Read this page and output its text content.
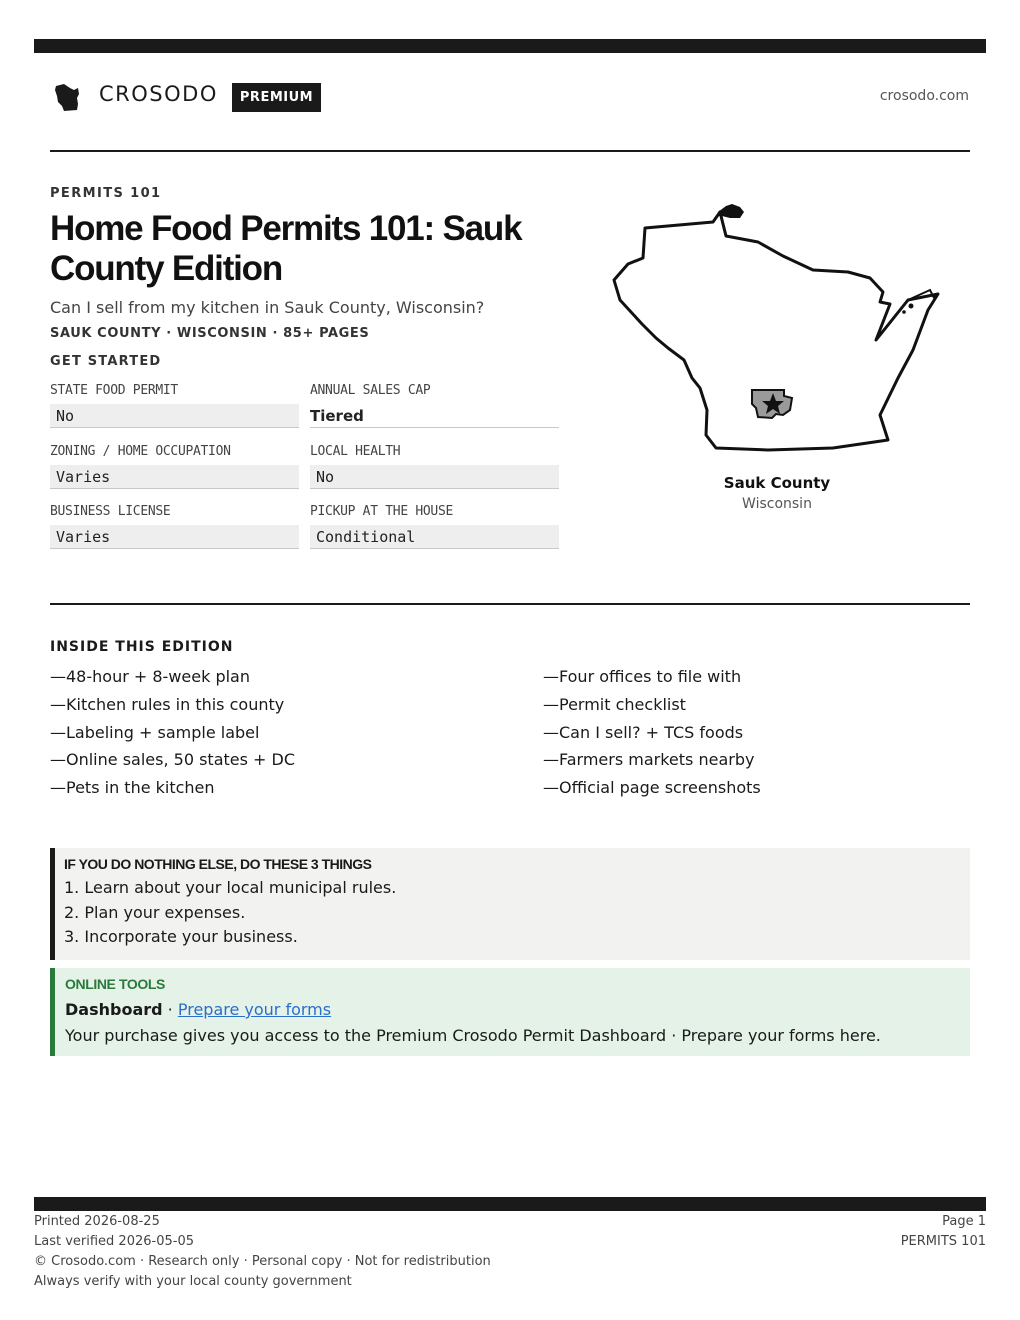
CROSODO	PREMIUM	crosodo.com
PERMITS 101
Home Food Permits 101: Sauk County Edition
Can I sell from my kitchen in Sauk County, Wisconsin?
SAUK COUNTY · WISCONSIN · 85+ PAGES
GET STARTED
STATE FOOD PERMIT
No
ANNUAL SALES CAP
Tiered
ZONING / HOME OCCUPATION
Varies
LOCAL HEALTH
No
BUSINESS LICENSE
Varies
PICKUP AT THE HOUSE
Conditional
Sauk County
Wisconsin
INSIDE THIS EDITION
—48-hour + 8-week plan
—Kitchen rules in this county
—Labeling + sample label
—Online sales, 50 states + DC
—Pets in the kitchen
—Four offices to file with
—Permit checklist
—Can I sell? + TCS foods
—Farmers markets nearby
—Official page screenshots
IF YOU DO NOTHING ELSE, DO THESE 3 THINGS
1. Learn about your local municipal rules.
2. Plan your expenses.
3. Incorporate your business.
ONLINE TOOLS
Dashboard · Prepare your forms
Your purchase gives you access to the Premium Crosodo Permit Dashboard · Prepare your forms here.
Printed 2026-08-25
Last verified 2026-05-05
© Crosodo.com · Research only · Personal copy · Not for redistribution
Always verify with your local county government
Page 1
PERMITS 101
